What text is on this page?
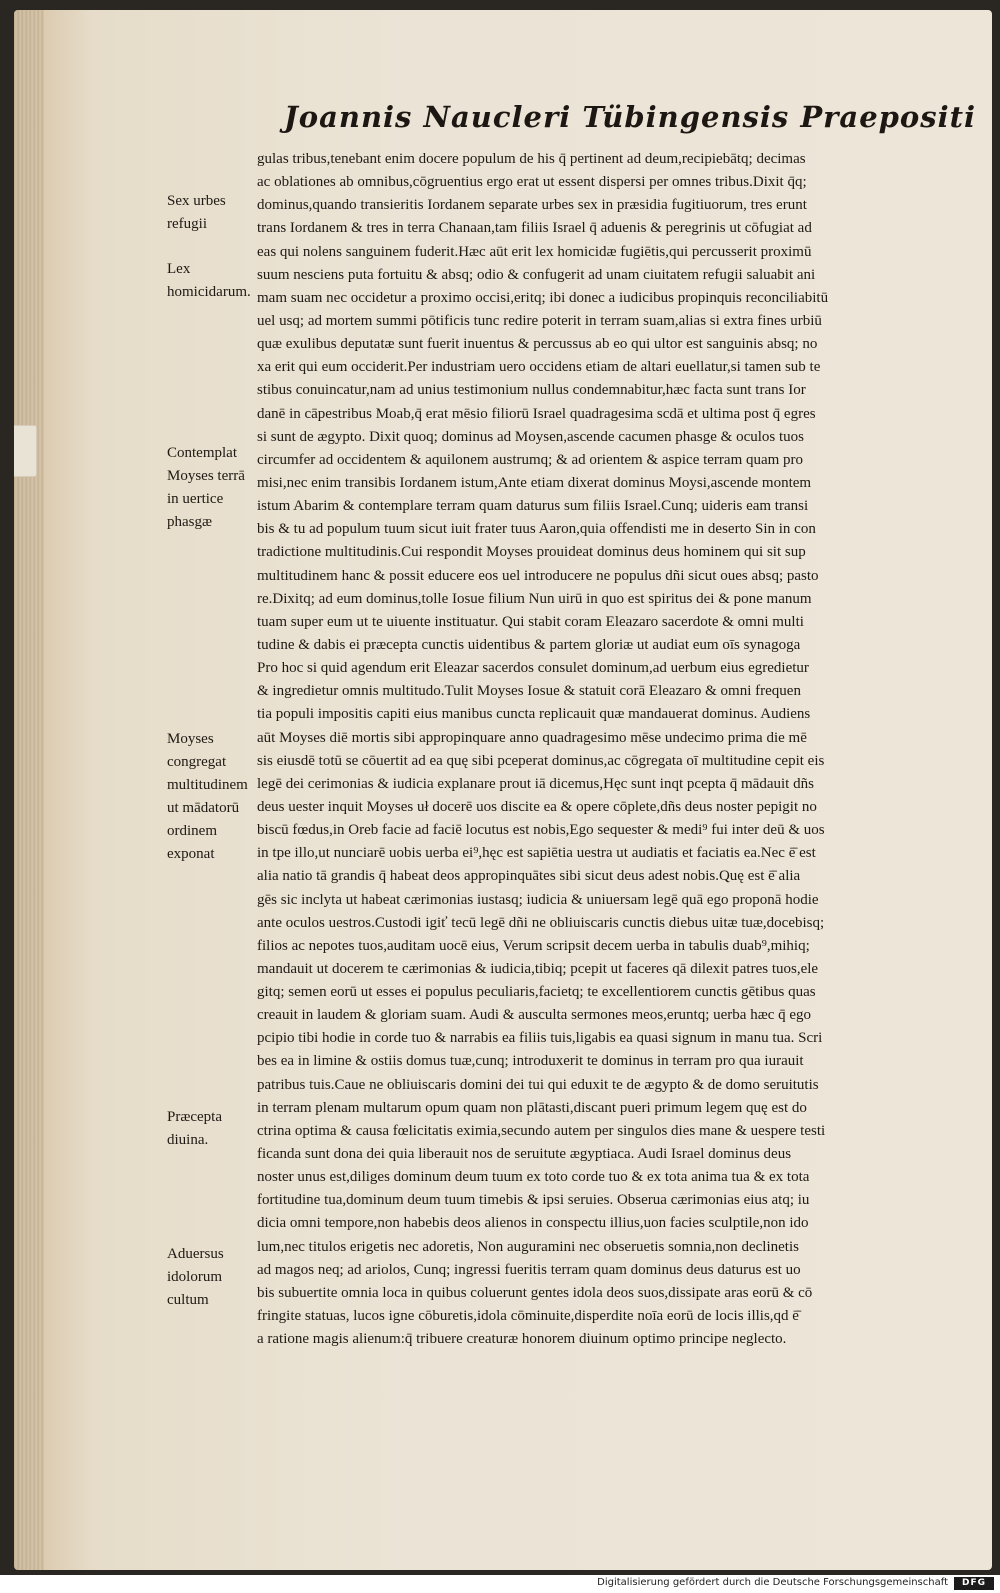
Joannis Naucleri Tübingensis Praepositi
Sex urbes refugii
Lex homicidarum.
Contemplat Moyses terrā in uertice phasgæ
Moyses congregat multitudinem ut mādatorū ordinem exponat
Præcepta diuina.
Aduersus idolorum cultum
gulas tribus,tenebant enim docere populum de his q̄ pertinent ad deum,recipiebātq; decimas
ac oblationes ab omnibus,cōgruentius ergo erat ut essent dispersi per omnes tribus.Dixit q̄q;
dominus,quando transieritis Iordanem separate urbes sex in præsidia fugitiuorum, tres erunt
trans Iordanem & tres in terra Chanaan,tam filiis Israel q̄ aduenis & peregrinis ut cōfugiat ad
eas qui nolens sanguinem fuderit.Hæc aūt erit lex homicidæ fugiētis,qui percusserit proximū
suum nesciens puta fortuitu & absq; odio & confugerit ad unam ciuitatem refugii saluabit ani
mam suam nec occidetur a proximo occisi,eritq; ibi donec a iudicibus propinquis reconciliabitū
uel usq; ad mortem summi pōtificis tunc redire poterit in terram suam,alias si extra fines urbiū
quæ exulibus deputatæ sunt fuerit inuentus & percussus ab eo qui ultor est sanguinis absq; no
xa erit qui eum occiderit.Per industriam uero occidens etiam de altari euellatur,si tamen sub te
stibus conuincatur,nam ad unius testimonium nullus condemnabitur,hæc facta sunt trans Ior
danē in cāpestribus Moab,q̄ erat mēsio filiorū Israel quadragesima scdā et ultima post q̄ egres
si sunt de ægypto. Dixit quoq; dominus ad Moysen,ascende cacumen phasge & oculos tuos
circumfer ad occidentem & aquilonem austrumq; & ad orientem & aspice terram quam pro
misi,nec enim transibis Iordanem istum,Ante etiam dixerat dominus Moysi,ascende montem
istum Abarim & contemplare terram quam daturus sum filiis Israel.Cunq; uideris eam transi
bis & tu ad populum tuum sicut iuit frater tuus Aaron,quia offendisti me in deserto Sin in con
tradictione multitudinis.Cui respondit Moyses prouideat dominus deus hominem qui sit sup
multitudinem hanc & possit educere eos uel introducere ne populus dñi sicut oues absq; pasto
re.Dixitq; ad eum dominus,tolle Iosue filium Nun uirū in quo est spiritus dei & pone manum
tuam super eum ut te uiuente instituatur. Qui stabit coram Eleazaro sacerdote & omni multi
tudine & dabis ei præcepta cunctis uidentibus & partem gloriæ ut audiat eum oīs synagoga
Pro hoc si quid agendum erit Eleazar sacerdos consulet dominum,ad uerbum eius egredietur
& ingredietur omnis multitudo.Tulit Moyses Iosue & statuit corā Eleazaro & omni frequen
tia populi impositis capiti eius manibus cuncta replicauit quæ mandauerat dominus. Audiens
aūt Moyses diē mortis sibi appropinquare anno quadragesimo mēse undecimo prima die mē
sis eiusdē totū se cōuertit ad ea quę sibi pceperat dominus,ac cōgregata oī multitudine cepit eis
legē dei cerimonias & iudicia explanare prout iā dicemus,Hęc sunt inqt pcepta q̄ mādauit dñs
deus uester inquit Moyses uł docerē uos discite ea & opere cōplete,dñs deus noster pepigit no
biscū fœdus,in Oreb facie ad faciē locutus est nobis,Ego sequester & medi⁹ fui inter deū & uos
in tpe illo,ut nunciarē uobis uerba ei⁹,hęc est sapiētia uestra ut audiatis et faciatis ea.Nec ē̄ est
alia natio tā grandis q̄ habeat deos appropinquātes sibi sicut deus adest nobis.Quę est ē̄ alia
gēs sic inclyta ut habeat cærimonias iustasq; iudicia & uniuersam legē quā ego proponā hodie
ante oculos uestros.Custodi igiť tecū legē dñi ne obliuiscaris cunctis diebus uitæ tuæ,docebisq;
filios ac nepotes tuos,auditam uocē eius, Verum scripsit decem uerba in tabulis duab⁹,mihiq;
mandauit ut docerem te cærimonias & iudicia,tibiq; pcepit ut faceres qā dilexit patres tuos,ele
gitq; semen eorū ut esses ei populus peculiaris,facietq; te excellentiorem cunctis gētibus quas
creauit in laudem & gloriam suam. Audi & ausculta sermones meos,eruntq; uerba hæc q̄ ego
pcipio tibi hodie in corde tuo & narrabis ea filiis tuis,ligabis ea quasi signum in manu tua. Scri
bes ea in limine & ostiis domus tuæ,cunq; introduxerit te dominus in terram pro qua iurauit
patribus tuis.Caue ne obliuiscaris domini dei tui qui eduxit te de ægypto & de domo seruitutis
in terram plenam multarum opum quam non plātasti,discant pueri primum legem quę est do
ctrina optima & causa fœlicitatis eximia,secundo autem per singulos dies mane & uespere testi
ficanda sunt dona dei quia liberauit nos de seruitute ægyptiaca. Audi Israel dominus deus
noster unus est,diliges dominum deum tuum ex toto corde tuo & ex tota anima tua & ex tota
fortitudine tua,dominum deum tuum timebis & ipsi seruies. Obserua cærimonias eius atq; iu
dicia omni tempore,non habebis deos alienos in conspectu illius,uon facies sculptile,non ido
lum,nec titulos erigetis nec adoretis, Non auguramini nec obseruetis somnia,non declinetis
ad magos neq; ad ariolos, Cunq; ingressi fueritis terram quam dominus deus daturus est uo
bis subuertite omnia loca in quibus coluerunt gentes idola deos suos,dissipate aras eorū & cō
fringite statuas, lucos igne cōburetis,idola cōminuite,disperdite noīa eorū de locis illis,qd ē̄
a ratione magis alienum:q̄ tribuere creaturæ honorem diuinum optimo principe neglecto.
Digitalisierung gefördert durch die Deutsche Forschungsgemeinschaft	DFG
